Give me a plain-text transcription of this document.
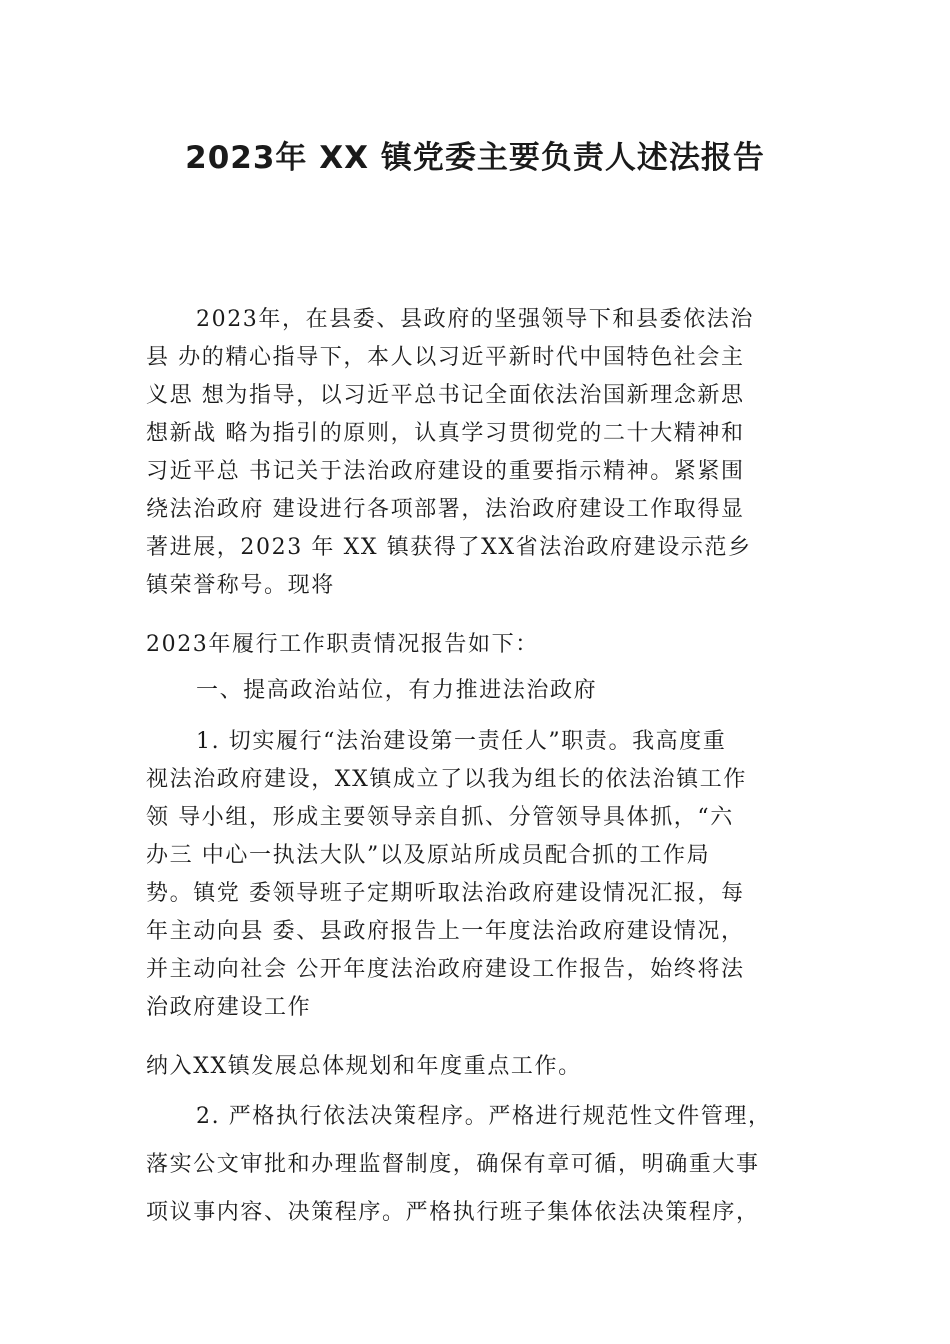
2023年 XX 镇党委主要负责人述法报告
2023年，在县委、县政府的坚强领导下和县委依法治
县 办的精心指导下，本人以习近平新时代中国特色社会主
义思 想为指导，以习近平总书记全面依法治国新理念新思
想新战 略为指引的原则，认真学习贯彻党的二十大精神和
习近平总 书记关于法治政府建设的重要指示精神。紧紧围
绕法治政府 建设进行各项部署，法治政府建设工作取得显
著进展，2023 年 XX 镇获得了XX省法治政府建设示范乡
镇荣誉称号。现将
2023年履行工作职责情况报告如下：
一、提高政治站位，有力推进法治政府
1. 切实履行“法治建设第一责任人”职责。我高度重
视法治政府建设，XX镇成立了以我为组长的依法治镇工作
领 导小组，形成主要领导亲自抓、分管领导具体抓，“六
办三 中心一执法大队”以及原站所成员配合抓的工作局
势。镇党 委领导班子定期听取法治政府建设情况汇报，每
年主动向县 委、县政府报告上一年度法治政府建设情况，
并主动向社会 公开年度法治政府建设工作报告，始终将法
治政府建设工作
纳入XX镇发展总体规划和年度重点工作。
2. 严格执行依法决策程序。严格进行规范性文件管理，
落实公文审批和办理监督制度，确保有章可循，明确重大事
项议事内容、决策程序。严格执行班子集体依法决策程序，
